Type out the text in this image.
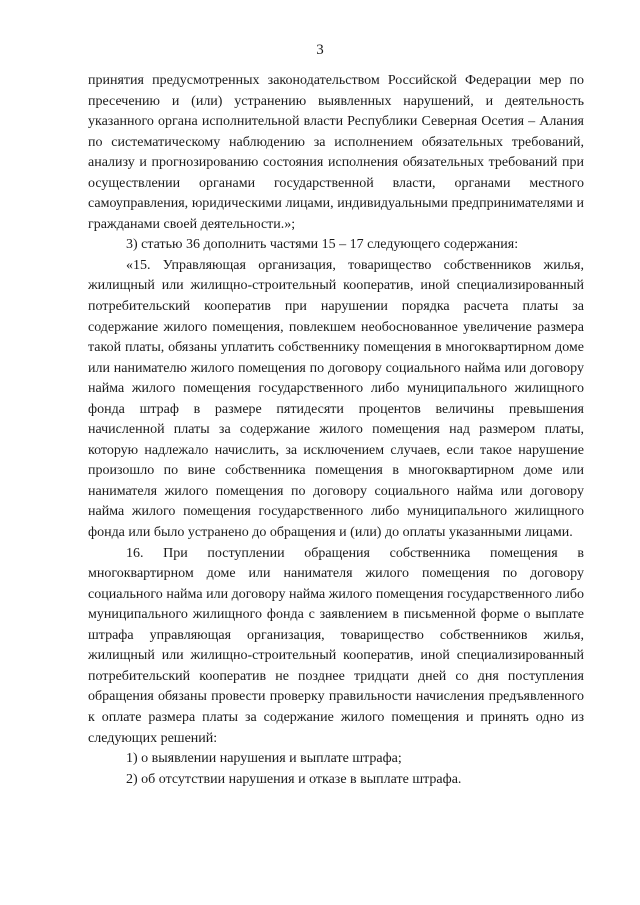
3

принятия предусмотренных законодательством Российской Федерации мер по пресечению и (или) устранению выявленных нарушений, и деятельность указанного органа исполнительной власти Республики Северная Осетия – Алания по систематическому наблюдению за исполнением обязательных требований, анализу и прогнозированию состояния исполнения обязательных требований при осуществлении органами государственной власти, органами местного самоуправления, юридическими лицами, индивидуальными предпринимателями и гражданами своей деятельности.»;

3) статью 36 дополнить частями 15 – 17 следующего содержания:

«15. Управляющая организация, товарищество собственников жилья, жилищный или жилищно-строительный кооператив, иной специализированный потребительский кооператив при нарушении порядка расчета платы за содержание жилого помещения, повлекшем необоснованное увеличение размера такой платы, обязаны уплатить собственнику помещения в многоквартирном доме или нанимателю жилого помещения по договору социального найма или договору найма жилого помещения государственного либо муниципального жилищного фонда штраф в размере пятидесяти процентов величины превышения начисленной платы за содержание жилого помещения над размером платы, которую надлежало начислить, за исключением случаев, если такое нарушение произошло по вине собственника помещения в многоквартирном доме или нанимателя жилого помещения по договору социального найма или договору найма жилого помещения государственного либо муниципального жилищного фонда или было устранено до обращения и (или) до оплаты указанными лицами.

16. При поступлении обращения собственника помещения в многоквартирном доме или нанимателя жилого помещения по договору социального найма или договору найма жилого помещения государственного либо муниципального жилищного фонда с заявлением в письменной форме о выплате штрафа управляющая организация, товарищество собственников жилья, жилищный или жилищно-строительный кооператив, иной специализированный потребительский кооператив не позднее тридцати дней со дня поступления обращения обязаны провести проверку правильности начисления предъявленного к оплате размера платы за содержание жилого помещения и принять одно из следующих решений:

1) о выявлении нарушения и выплате штрафа;

2) об отсутствии нарушения и отказе в выплате штрафа.
